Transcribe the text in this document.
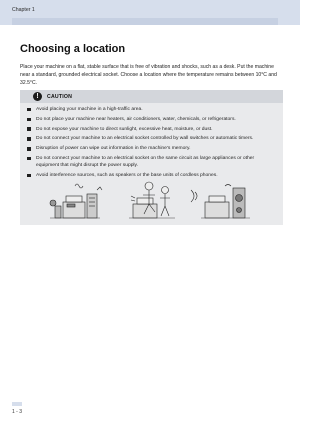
Chapter 1
Choosing a location

Place your machine on a flat, stable surface that is free of vibration and shocks, such as a desk. Put the machine near a standard, grounded electrical socket. Choose a location where the temperature remains between 10°C and 32.5°C.

!	CAUTION
Avoid placing your machine in a high-traffic area.
Do not place your machine near heaters, air conditioners, water, chemicals, or refrigerators.
Do not expose your machine to direct sunlight, excessive heat, moisture, or dust.
Do not connect your machine to an electrical socket controlled by wall switches or automatic timers.
Disruption of power can wipe out information in the machine's memory.
Do not connect your machine to an electrical socket on the same circuit as large appliances or other equipment that might disrupt the power supply.
Avoid interference sources, such as speakers or the base units of cordless phones.
1 - 3
